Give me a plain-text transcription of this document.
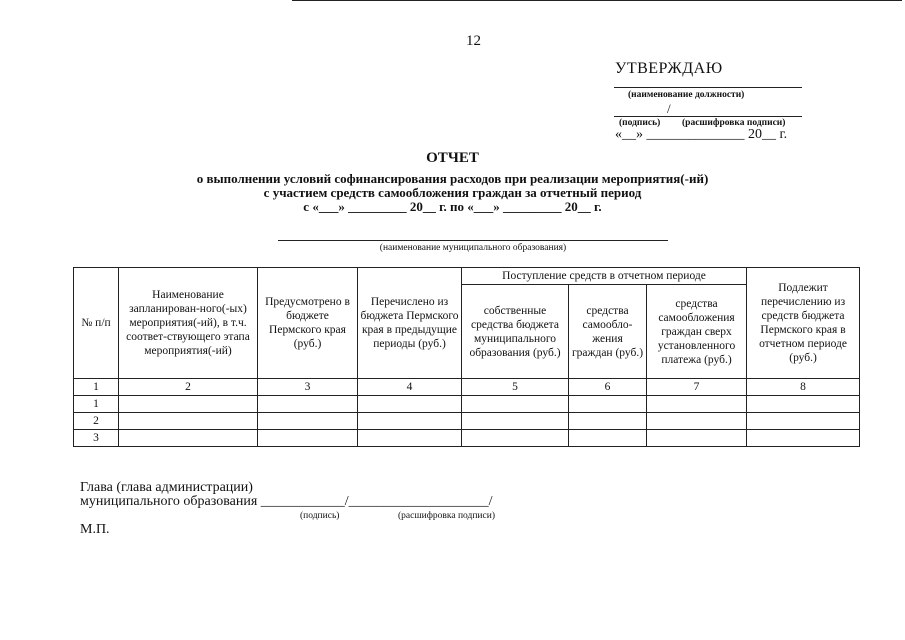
12
УТВЕРЖДАЮ
(наименование должности)
/
(подпись) (расшифровка подписи)
«__» ______________ 20__ г.
ОТЧЕТ
о выполнении условий софинансирования расходов при реализации мероприятия(-ий)
с участием средств самообложения граждан за отчетный период
с «___» _________ 20__ г. по «___» _________ 20__ г.
(наименование муниципального образования)
№ п/п	Наименование запланирован-ного(-ых) мероприятия(-ий), в т.ч. соответ-ствующего этапа мероприятия(-ий)	Предусмотрено в бюджете Пермского края (руб.)	Перечислено из бюджета Пермского края в предыдущие периоды (руб.)	Поступление средств в отчетном периоде			Подлежит перечислению из средств бюджета Пермского края в отчетном периоде (руб.)
				собственные средства бюджета муниципального образования (руб.)	средства самообло-жения граждан (руб.)	средства самообложения граждан сверх установленного платежа (руб.)	
1	2	3	4	5	6	7	8
1							
2							
3							
Глава (глава администрации)
муниципального образования ____________/____________________/
(подпись)	(расшифровка подписи)
М.П.
